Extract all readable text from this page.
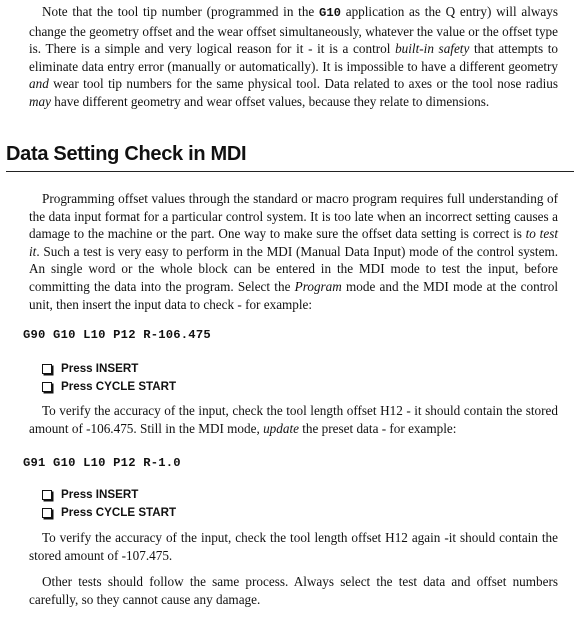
Note that the tool tip number (programmed in the G10 application as the Q entry) will always change the geometry offset and the wear offset simultaneously, whatever the value or the offset type is. There is a simple and very logical reason for it - it is a control built-in safety that attempts to eliminate data entry error (manually or automatically). It is impossible to have a different geometry and wear tool tip numbers for the same physical tool. Data related to axes or the tool nose radius may have different geometry and wear offset values, because they relate to dimensions.

Data Setting Check in MDI

Programming offset values through the standard or macro program requires full understanding of the data input format for a particular control system. It is too late when an incorrect setting causes a damage to the machine or the part. One way to make sure the offset data setting is correct is to test it. Such a test is very easy to perform in the MDI (Manual Data Input) mode of the control system. An single word or the whole block can be entered in the MDI mode to test the input, before committing the data into the program. Select the Program mode and the MDI mode at the control unit, then insert the input data to check - for example:

G90 G10 L10 P12 R-106.475
Press INSERT
Press CYCLE START

To verify the accuracy of the input, check the tool length offset H12 - it should contain the stored amount of -106.475. Still in the MDI mode, update the preset data - for example:

G91 G10 L10 P12 R-1.0
Press INSERT
Press CYCLE START

To verify the accuracy of the input, check the tool length offset H12 again -it should contain the stored amount of -107.475.

Other tests should follow the same process. Always select the test data and offset numbers carefully, so they cannot cause any damage.
